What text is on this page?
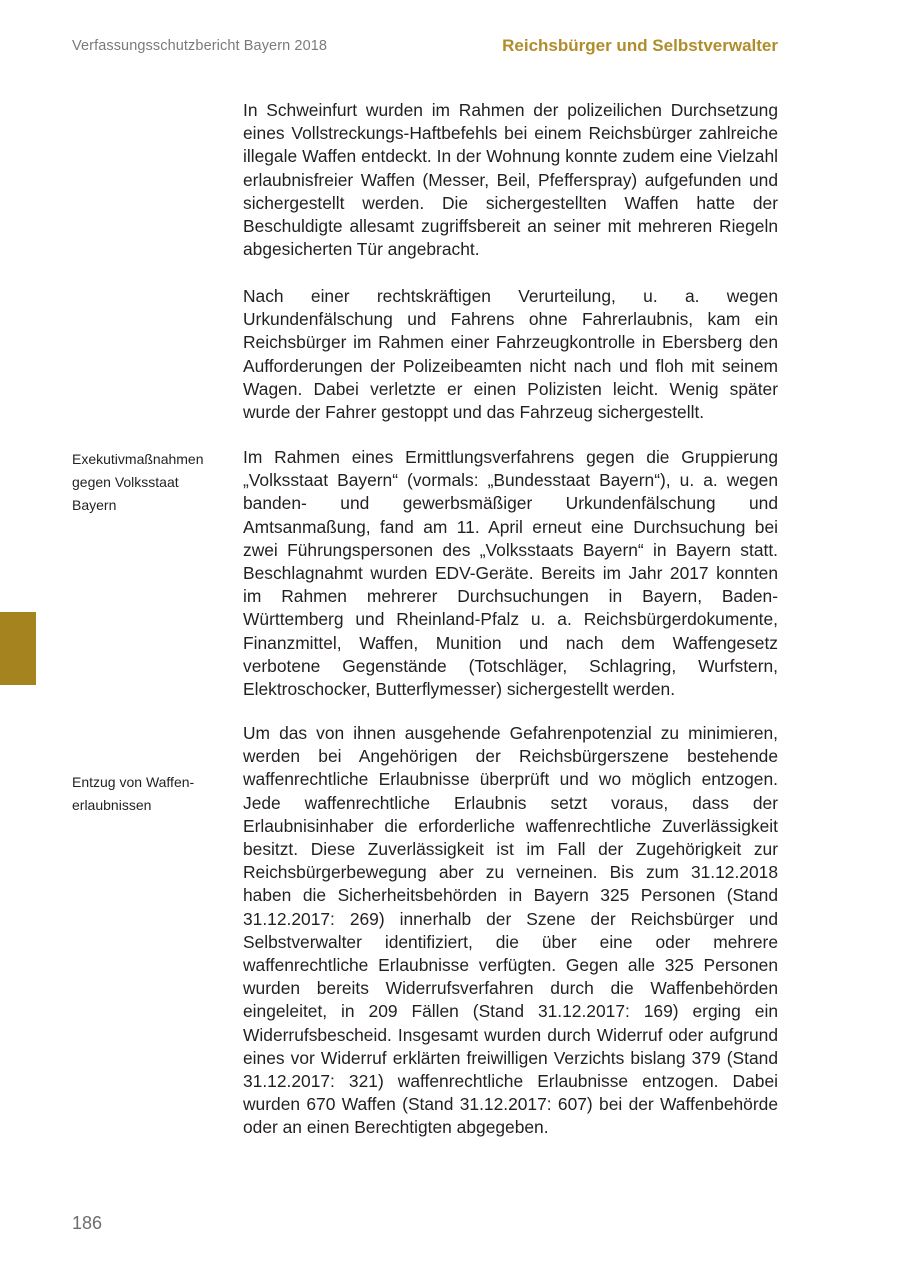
Verfassungsschutzbericht Bayern 2018	Reichsbürger und Selbstverwalter
Exekutivmaßnahmen gegen Volksstaat Bayern
Entzug von Waffen-erlaubnissen

In Schweinfurt wurden im Rahmen der polizeilichen Durchsetzung eines Vollstreckungs-Haftbefehls bei einem Reichsbürger zahlreiche illegale Waffen entdeckt. In der Wohnung konnte zudem eine Vielzahl erlaubnisfreier Waffen (Messer, Beil, Pfefferspray) aufgefunden und sichergestellt werden. Die sichergestellten Waffen hatte der Beschuldigte allesamt zugriffsbereit an seiner mit mehreren Riegeln abgesicherten Tür angebracht.

Nach einer rechtskräftigen Verurteilung, u. a. wegen Urkundenfälschung und Fahrens ohne Fahrerlaubnis, kam ein Reichsbürger im Rahmen einer Fahrzeugkontrolle in Ebersberg den Aufforderungen der Polizeibeamten nicht nach und floh mit seinem Wagen. Dabei verletzte er einen Polizisten leicht. Wenig später wurde der Fahrer gestoppt und das Fahrzeug sichergestellt.

Im Rahmen eines Ermittlungsverfahrens gegen die Gruppierung „Volksstaat Bayern“ (vormals: „Bundesstaat Bayern“), u. a. wegen banden- und gewerbsmäßiger Urkundenfälschung und Amtsanmaßung, fand am 11. April erneut eine Durchsuchung bei zwei Führungspersonen des „Volksstaats Bayern“ in Bayern statt. Beschlagnahmt wurden EDV-Geräte. Bereits im Jahr 2017 konnten im Rahmen mehrerer Durchsuchungen in Bayern, Baden-Württemberg und Rheinland-Pfalz u. a. Reichsbürgerdokumente, Finanzmittel, Waffen, Munition und nach dem Waffengesetz verbotene Gegenstände (Totschläger, Schlagring, Wurfstern, Elektroschocker, Butterflymesser) sichergestellt werden.

Um das von ihnen ausgehende Gefahrenpotenzial zu minimieren, werden bei Angehörigen der Reichsbürgerszene bestehende waffenrechtliche Erlaubnisse überprüft und wo möglich entzogen. Jede waffenrechtliche Erlaubnis setzt voraus, dass der Erlaubnisinhaber die erforderliche waffenrechtliche Zuverlässigkeit besitzt. Diese Zuverlässigkeit ist im Fall der Zugehörigkeit zur Reichsbürgerbewegung aber zu verneinen. Bis zum 31.12.2018 haben die Sicherheitsbehörden in Bayern 325 Personen (Stand 31.12.2017: 269) innerhalb der Szene der Reichsbürger und Selbstverwalter identifiziert, die über eine oder mehrere waffenrechtliche Erlaubnisse verfügten. Gegen alle 325 Personen wurden bereits Widerrufsverfahren durch die Waffenbehörden eingeleitet, in 209 Fällen (Stand 31.12.2017: 169) erging ein Widerrufsbescheid. Insgesamt wurden durch Widerruf oder aufgrund eines vor Widerruf erklärten freiwilligen Verzichts bislang 379 (Stand 31.12.2017: 321) waffenrechtliche Erlaubnisse entzogen. Dabei wurden 670 Waffen (Stand 31.12.2017: 607) bei der Waffenbehörde oder an einen Berechtigten abgegeben.

186
